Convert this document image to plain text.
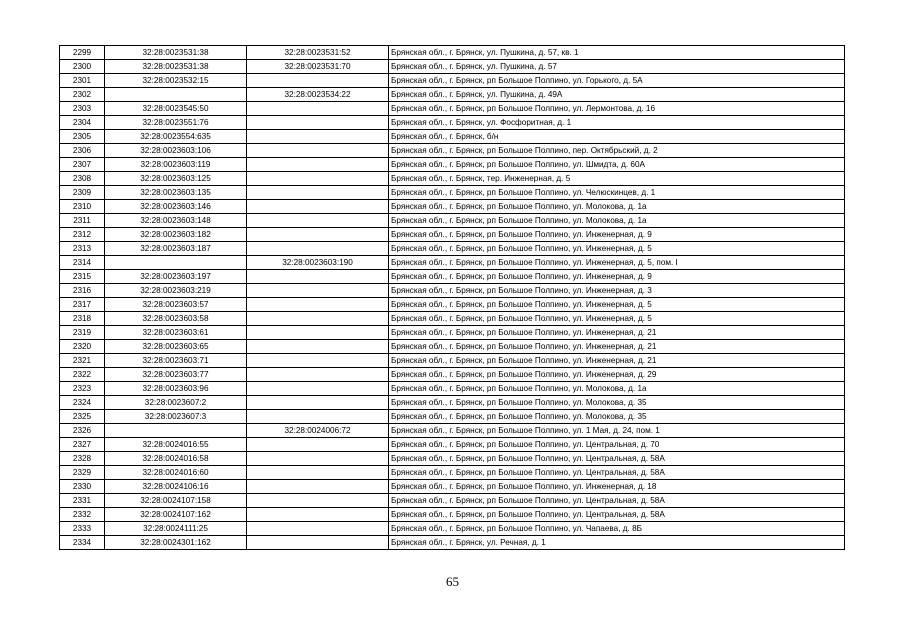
2299	32:28:0023531:38	32:28:0023531:52	Брянская обл., г. Брянск, ул. Пушкина, д. 57, кв. 1
2300	32:28:0023531:38	32:28:0023531:70	Брянская обл., г. Брянск, ул. Пушкина, д. 57
2301	32:28:0023532:15		Брянская обл., г. Брянск, рп Большое Полпино, ул. Горького, д. 5А
2302		32:28:0023534:22	Брянская обл., г. Брянск, ул. Пушкина, д. 49А
2303	32:28:0023545:50		Брянская обл., г. Брянск, рп Большое Полпино, ул. Лермонтова, д. 16
2304	32:28:0023551:76		Брянская обл., г. Брянск, ул. Фосфоритная, д. 1
2305	32:28:0023554:635		Брянская обл., г. Брянск, б/н
2306	32:28:0023603:106		Брянская обл., г. Брянск, рп Большое Полпино, пер. Октябрьский, д. 2
2307	32:28:0023603:119		Брянская обл., г. Брянск, рп Большое Полпино, ул. Шмидта, д. 60А
2308	32:28:0023603:125		Брянская обл., г. Брянск, тер. Инженерная, д. 5
2309	32:28:0023603:135		Брянская обл., г. Брянск, рп Большое Полпино, ул. Челюскинцев, д. 1
2310	32:28:0023603:146		Брянская обл., г. Брянск, рп Большое Полпино, ул. Молокова, д. 1а
2311	32:28:0023603:148		Брянская обл., г. Брянск, рп Большое Полпино, ул. Молокова, д. 1а
2312	32:28:0023603:182		Брянская обл., г. Брянск, рп Большое Полпино, ул. Инженерная, д. 9
2313	32:28:0023603:187		Брянская обл., г. Брянск, рп Большое Полпино, ул. Инженерная, д. 5
2314		32:28:0023603:190	Брянская обл., г. Брянск, рп Большое Полпино, ул. Инженерная, д. 5, пом. I
2315	32:28:0023603:197		Брянская обл., г. Брянск, рп Большое Полпино, ул. Инженерная, д. 9
2316	32:28:0023603:219		Брянская обл., г. Брянск, рп Большое Полпино, ул. Инженерная, д. 3
2317	32:28:0023603:57		Брянская обл., г. Брянск, рп Большое Полпино, ул. Инженерная, д. 5
2318	32:28:0023603:58		Брянская обл., г. Брянск, рп Большое Полпино, ул. Инженерная, д. 5
2319	32:28:0023603:61		Брянская обл., г. Брянск, рп Большое Полпино, ул. Инженерная, д. 21
2320	32:28:0023603:65		Брянская обл., г. Брянск, рп Большое Полпино, ул. Инженерная, д. 21
2321	32:28:0023603:71		Брянская обл., г. Брянск, рп Большое Полпино, ул. Инженерная, д. 21
2322	32:28:0023603:77		Брянская обл., г. Брянск, рп Большое Полпино, ул. Инженерная, д. 29
2323	32:28:0023603:96		Брянская обл., г. Брянск, рп Большое Полпино, ул. Молокова, д. 1а
2324	32:28:0023607:2		Брянская обл., г. Брянск, рп Большое Полпино, ул. Молокова, д. 35
2325	32:28:0023607:3		Брянская обл., г. Брянск, рп Большое Полпино, ул. Молокова, д. 35
2326		32:28:0024006:72	Брянская обл., г. Брянск, рп Большое Полпино, ул. 1 Мая, д. 24, пом. 1
2327	32:28:0024016:55		Брянская обл., г. Брянск, рп Большое Полпино, ул. Центральная, д. 70
2328	32:28:0024016:58		Брянская обл., г. Брянск, рп Большое Полпино, ул. Центральная, д. 58А
2329	32:28:0024016:60		Брянская обл., г. Брянск, рп Большое Полпино, ул. Центральная, д. 58А
2330	32:28:0024106:16		Брянская обл., г. Брянск, рп Большое Полпино, ул. Инженерная, д. 18
2331	32:28:0024107:158		Брянская обл., г. Брянск, рп Большое Полпино, ул. Центральная, д. 58А
2332	32:28:0024107:162		Брянская обл., г. Брянск, рп Большое Полпино, ул. Центральная, д. 58А
2333	32:28:0024111:25		Брянская обл., г. Брянск, рп Большое Полпино, ул. Чапаева, д. 8Б
2334	32:28:0024301:162		Брянская обл., г. Брянск, ул. Речная, д. 1
65
